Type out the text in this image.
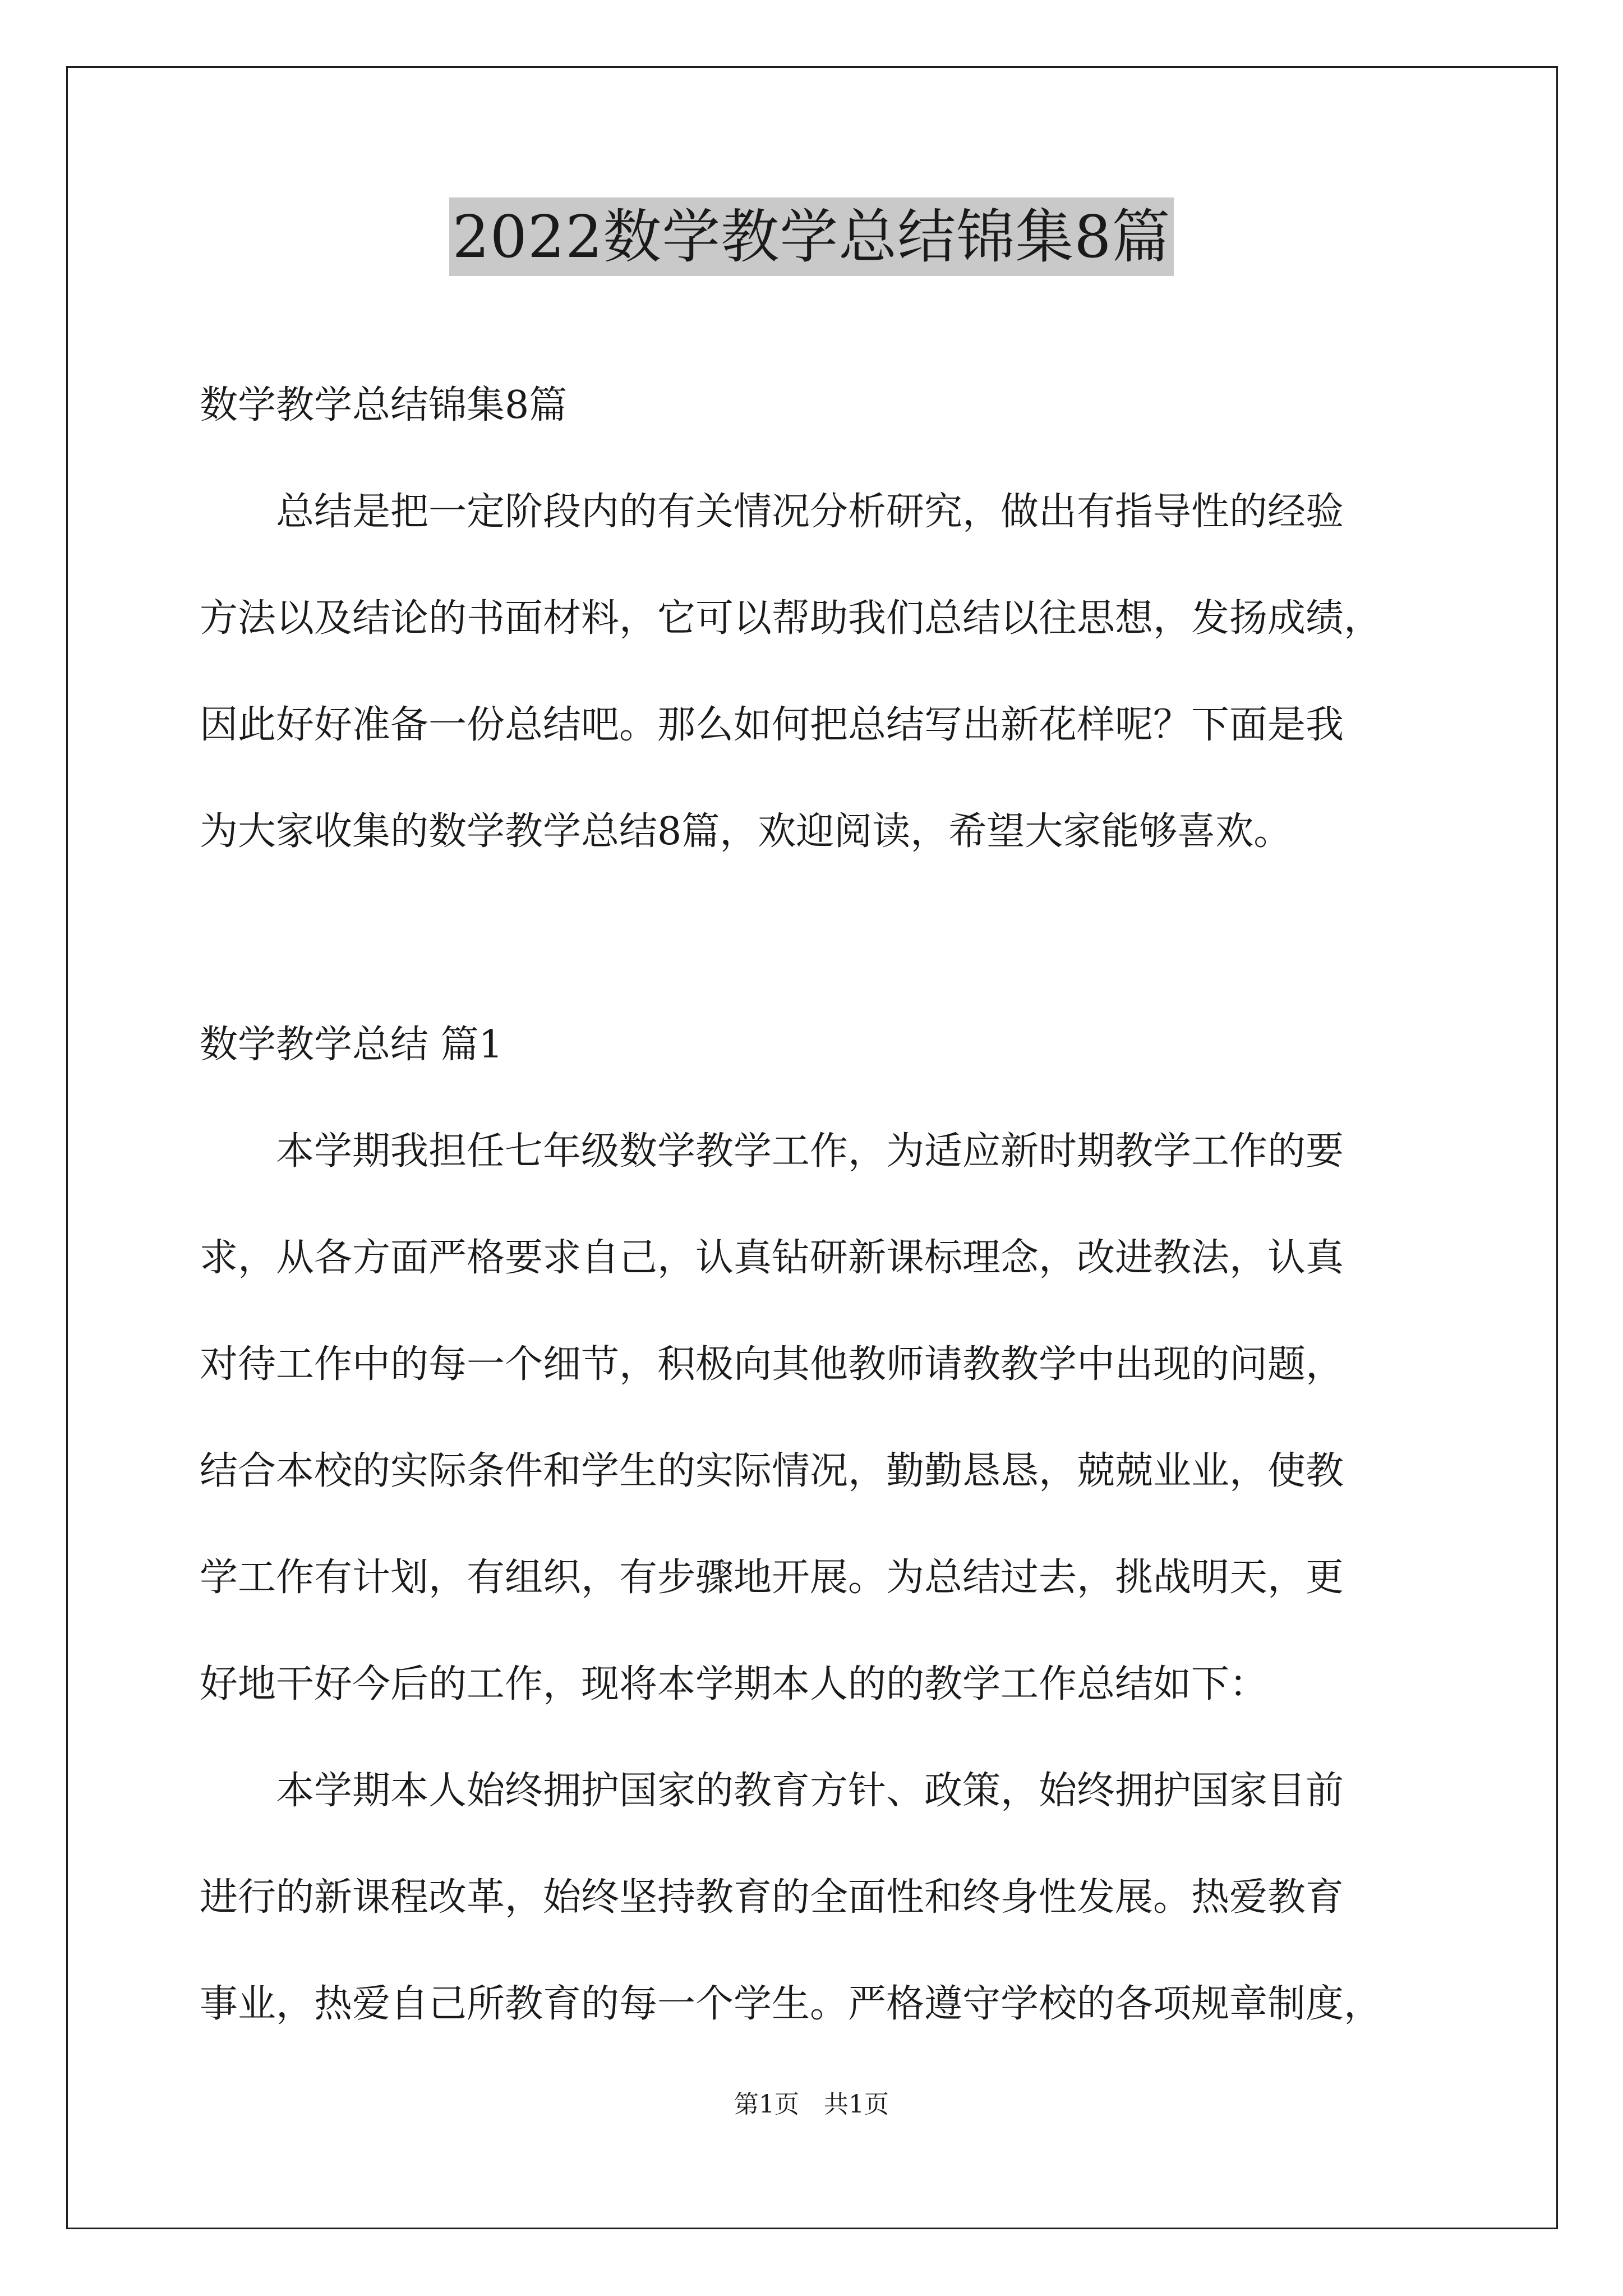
2022数学教学总结锦集8篇

数学教学总结锦集8篇

总结是把一定阶段内的有关情况分析研究，做出有指导性的经验

方法以及结论的书面材料，它可以帮助我们总结以往思想，发扬成绩，

因此好好准备一份总结吧。那么如何把总结写出新花样呢？下面是我

为大家收集的数学教学总结8篇，欢迎阅读，希望大家能够喜欢。

数学教学总结 篇1

本学期我担任七年级数学教学工作，为适应新时期教学工作的要

求，从各方面严格要求自己，认真钻研新课标理念，改进教法，认真

对待工作中的每一个细节，积极向其他教师请教教学中出现的问题，

结合本校的实际条件和学生的实际情况，勤勤恳恳，兢兢业业，使教

学工作有计划，有组织，有步骤地开展。为总结过去，挑战明天，更

好地干好今后的工作，现将本学期本人的的教学工作总结如下：

本学期本人始终拥护国家的教育方针、政策，始终拥护国家目前

进行的新课程改革，始终坚持教育的全面性和终身性发展。热爱教育

事业，热爱自己所教育的每一个学生。严格遵守学校的各项规章制度，

第1页　共1页
